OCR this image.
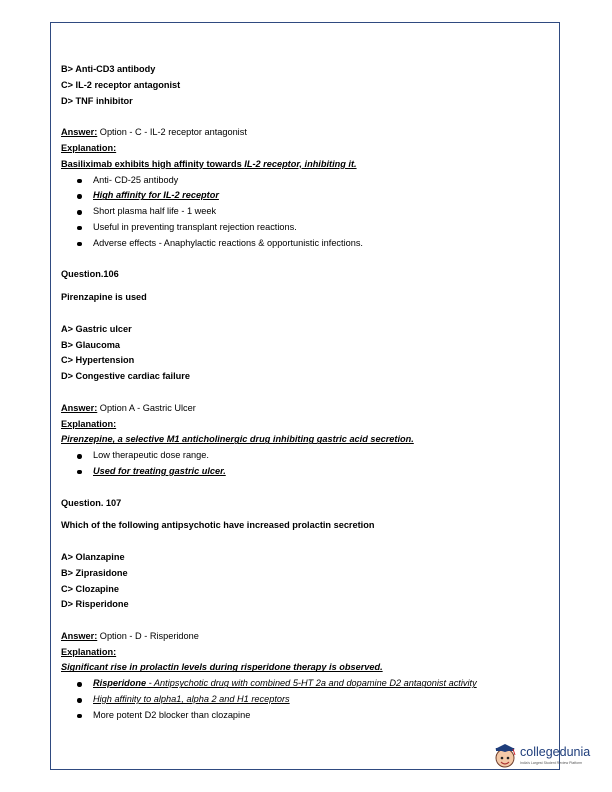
B> Anti-CD3 antibody
C> IL-2 receptor antagonist
D> TNF inhibitor
Answer: Option - C - IL-2 receptor antagonist
Explanation:
Basiliximab exhibits high affinity towards IL-2 receptor, inhibiting it.
Anti- CD-25 antibody
High affinity for IL-2 receptor
Short plasma half life - 1 week
Useful in preventing transplant rejection reactions.
Adverse effects - Anaphylactic reactions & opportunistic infections.
Question.106
Pirenzapine is used
A> Gastric ulcer
B> Glaucoma
C> Hypertension
D> Congestive cardiac failure
Answer: Option A - Gastric Ulcer
Explanation:
Pirenzepine, a selective M1 anticholinergic drug inhibiting gastric acid secretion.
Low therapeutic dose range.
Used for treating gastric ulcer.
Question. 107
Which of the following antipsychotic have increased prolactin secretion
A> Olanzapine
B> Ziprasidone
C> Clozapine
D> Risperidone
Answer: Option - D - Risperidone
Explanation:
Significant rise in prolactin levels during risperidone therapy is observed.
Risperidone - Antipsychotic drug with combined 5-HT 2a and dopamine D2 antagonist activity
High affinity to alpha1, alpha 2 and H1 receptors
More potent D2 blocker than clozapine
collegedunia
India's Largest Student Review Platform
